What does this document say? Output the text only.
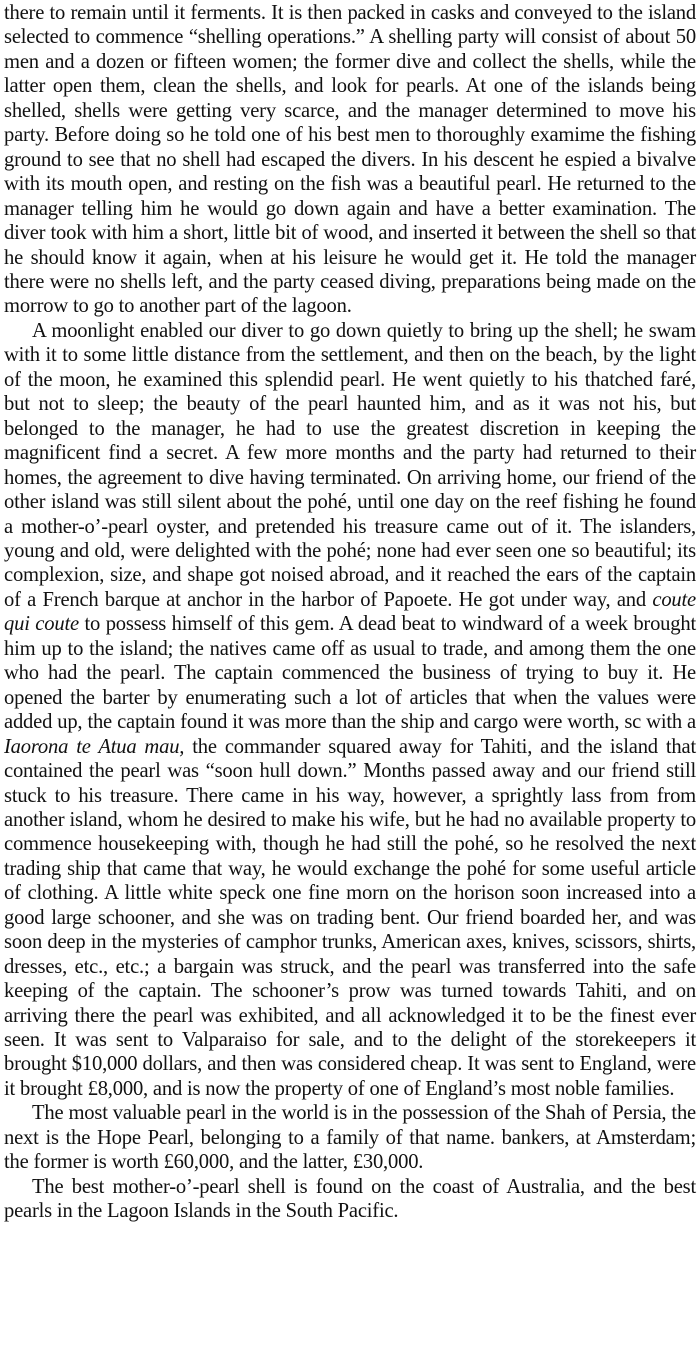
there to remain until it ferments. It is then packed in casks and conveyed to the island selected to commence “shelling operations.” A shelling party will consist of about 50 men and a dozen or fifteen women; the former dive and collect the shells, while the latter open them, clean the shells, and look for pearls. At one of the islands being shelled, shells were getting very scarce, and the manager determined to move his party. Before doing so he told one of his best men to thoroughly examime the fishing ground to see that no shell had escaped the divers. In his descent he espied a bivalve with its mouth open, and resting on the fish was a beautiful pearl. He returned to the manager telling him he would go down again and have a better examination. The diver took with him a short, little bit of wood, and inserted it between the shell so that he should know it again, when at his leisure he would get it. He told the manager there were no shells left, and the party ceased diving, preparations being made on the morrow to go to another part of the lagoon.

A moonlight enabled our diver to go down quietly to bring up the shell; he swam with it to some little distance from the settlement, and then on the beach, by the light of the moon, he examined this splendid pearl. He went quietly to his thatched faré, but not to sleep; the beauty of the pearl haunted him, and as it was not his, but belonged to the manager, he had to use the greatest discretion in keeping the magnificent find a secret. A few more months and the party had returned to their homes, the agreement to dive having terminated. On arriving home, our friend of the other island was still silent about the pohé, until one day on the reef fishing he found a mother-o’-pearl oyster, and pretended his treasure came out of it. The islanders, young and old, were delighted with the pohé; none had ever seen one so beautiful; its complexion, size, and shape got noised abroad, and it reached the ears of the captain of a French barque at anchor in the harbor of Papoete. He got under way, and coute qui coute to possess himself of this gem. A dead beat to windward of a week brought him up to the island; the natives came off as usual to trade, and among them the one who had the pearl. The captain commenced the business of trying to buy it. He opened the barter by enumerating such a lot of articles that when the values were added up, the captain found it was more than the ship and cargo were worth, sc with a Iaorona te Atua mau, the commander squared away for Tahiti, and the island that contained the pearl was “soon hull down.” Months passed away and our friend still stuck to his treasure. There came in his way, however, a sprightly lass from from another island, whom he desired to make his wife, but he had no available property to commence housekeeping with, though he had still the pohé, so he resolved the next trading ship that came that way, he would exchange the pohé for some useful article of clothing. A little white speck one fine morn on the horison soon increased into a good large schooner, and she was on trading bent. Our friend boarded her, and was soon deep in the mysteries of camphor trunks, American axes, knives, scissors, shirts, dresses, etc., etc.; a bargain was struck, and the pearl was transferred into the safe keeping of the captain. The schooner’s prow was turned towards Tahiti, and on arriving there the pearl was exhibited, and all acknowledged it to be the finest ever seen. It was sent to Valparaiso for sale, and to the delight of the storekeepers it brought $10,000 dollars, and then was considered cheap. It was sent to England, were it brought £8,000, and is now the property of one of England’s most noble families.

The most valuable pearl in the world is in the possession of the Shah of Persia, the next is the Hope Pearl, belonging to a family of that name. bankers, at Amsterdam; the former is worth £60,000, and the latter, £30,000.

The best mother-o’-pearl shell is found on the coast of Australia, and the best pearls in the Lagoon Islands in the South Pacific.
